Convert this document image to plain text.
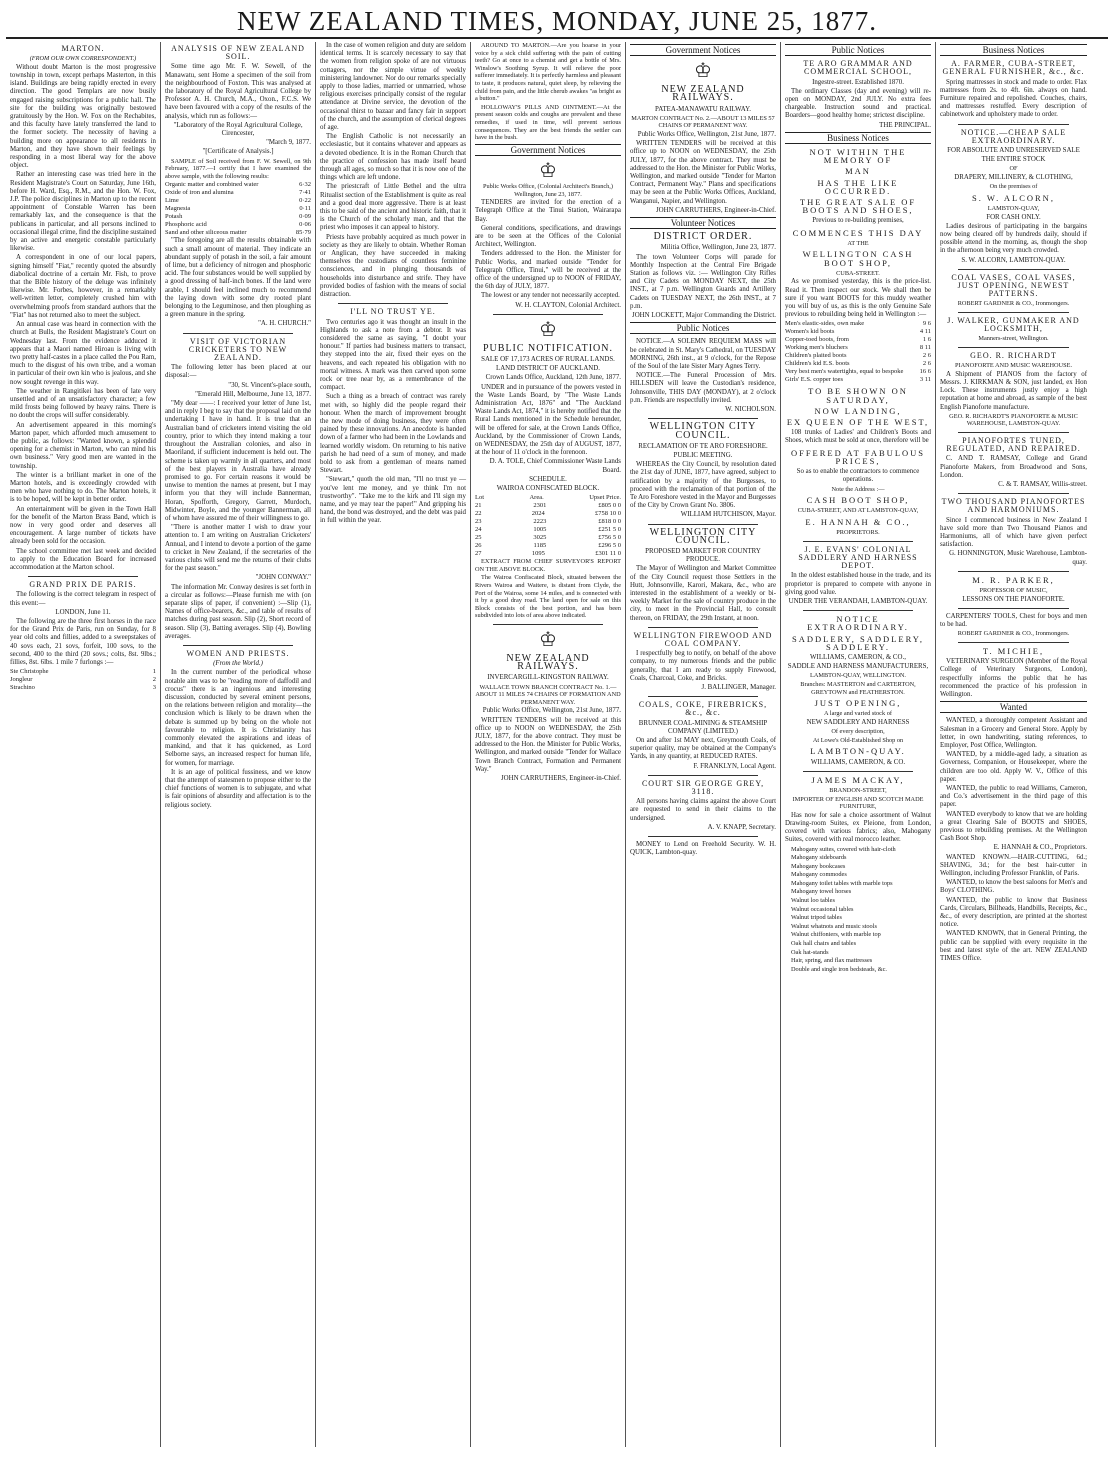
NEW ZEALAND TIMES, MONDAY, JUNE 25, 1877.
MARTON.

(FROM OUR OWN CORRESPONDENT.)

Without doubt Marton is the most progressive township in town, except perhaps Masterton, in this island. Buildings are being rapidly erected in every direction. The good Templars are now busily engaged raising subscriptions for a public hall. The site for the building was originally bestowed gratuitously by the Hon. W. Fox on the Rechabites, and this faculty have lately transferred the land to the former society. The necessity of having a building more on appearance to all residents in Marton, and they have shown their feelings by responding in a most liberal way for the above object.

Rather an interesting case was tried here in the Resident Magistrate's Court on Saturday, June 16th, before H. Ward, Esq., R.M., and the Hon. W. Fox, J.P. The police disciplines in Marton up to the recent appointment of Constable Warren has been remarkably lax, and the consequence is that the publicans in particular, and all persons inclined to occasional illegal crime, find the discipline sustained by an active and energetic constable particularly likewise.

A correspondent in one of our local papers, signing himself "Fiat," recently quoted the absurdly diabolical doctrine of a certain Mr. Fish, to prove that the Bible history of the deluge was infinitely likewise. Mr. Forbes, however, in a remarkably well-written letter, completely crushed him with overwhelming proofs from standard authors that the "Fiat" has not returned also to meet the subject.

An annual case was heard in connection with the church at Bulls, the Resident Magistrate's Court on Wednesday last. From the evidence adduced it appears that a Maori named Hiroau is living with two pretty half-castes in a place called the Pou Ram, much to the disgust of his own tribe, and a woman in particular of their own kin who is jealous, and she now sought revenge in this way.

The weather in Rangitikei has been of late very unsettled and of an unsatisfactory character; a few mild frosts being followed by heavy rains. There is no doubt the crops will suffer considerably.

An advertisement appeared in this morning's Marton paper, which afforded much amusement to the public, as follows: "Wanted known, a splendid opening for a chemist in Marton, who can mind his own business." Very good men are wanted in the township.

The winter is a brilliant market in one of the Marton hotels, and is exceedingly crowded with men who have nothing to do. The Marton hotels, it is to be hoped, will be kept in better order.

An entertainment will be given in the Town Hall for the benefit of the Marton Brass Band, which is now in very good order and deserves all encouragement. A large number of tickets have already been sold for the occasion.

The school committee met last week and decided to apply to the Education Board for increased accommodation at the Marton school.

GRAND PRIX DE PARIS.

The following is the correct telegram in respect of this event:—

LONDON, June 11.

The following are the three first horses in the race for the Grand Prix de Paris, run on Sunday, for 8 year old colts and fillies, added to a sweepstakes of 40 sovs each, 21 sovs, forfeit, 100 sovs, to the second, 400 to the third (20 sovs.; colts, 8st. 9lbs.; fillies, 8st. 6lbs. 1 mile 7 furlongs :—

Ste Christophe	1
Jongleur	2
Strachino	3
ANALYSIS OF NEW ZEALAND SOIL.

Some time ago Mr. F. W. Sewell, of the Manawatu, sent Home a specimen of the soil from the neighbourhood of Foxton. This was analysed at the laboratory of the Royal Agricultural College by Professor A. H. Church, M.A., Oxon., F.C.S. We have been favoured with a copy of the results of the analysis, which run as follows:—

"Laboratory of the Royal Agricultural College, Cirencester,

"March 9, 1877.

"[Certificate of Analysis.]

SAMPLE of Soil received from F. W. Sewell, on 9th February, 1877.—I certify that I have examined the above sample, with the following results:

Organic matter and combined water	6·32
Oxide of iron and alumina	7·41
Lime	0·22
Magnesia	0·11
Potash	0·09
Phosphoric acid	0·06
Sand and other siliceous matter	85·79

"The foregoing are all the results obtainable with such a small amount of material. They indicate an abundant supply of potash in the soil, a fair amount of lime, but a deficiency of nitrogen and phosphoric acid. The four substances would be well supplied by a good dressing of half-inch bones. If the land were arable, I should feel inclined much to recommend the laying down with some dry rooted plant belonging to the Leguminose, and then ploughing as a green manure in the spring.

"A. H. CHURCH."

VISIT OF VICTORIAN CRICKETERS TO NEW ZEALAND.

The following letter has been placed at our disposal:—

"30, St. Vincent's-place south,

"Emerald Hill, Melbourne, June 13, 1877.

"My dear ——: I received your letter of June 1st, and in reply I beg to say that the proposal laid on the undertaking I have in hand. It is true that an Australian band of cricketers intend visiting the old country, prior to which they intend making a tour throughout the Australian colonies, and also in Maoriland, if sufficient inducement is held out. The scheme is taken up warmly in all quarters, and most of the best players in Australia have already promised to go. For certain reasons it would be unwise to mention the names at present, but I may inform you that they will include Bannerman, Horan, Spofforth, Gregory, Garrett, Murdoch, Midwinter, Boyle, and the younger Bannerman, all of whom have assured me of their willingness to go.

"There is another matter I wish to draw your attention to. I am writing on Australian Cricketers' Annual, and I intend to devote a portion of the game to cricket in New Zealand, if the secretaries of the various clubs will send me the returns of their clubs for the past season."

"JOHN CONWAY."

The information Mr. Conway desires is set forth in a circular as follows:—Please furnish me with (on separate slips of paper, if convenient) :—Slip (1), Names of office-bearers, &c., and table of results of matches during past season. Slip (2), Short record of season. Slip (3), Batting averages. Slip (4), Bowling averages.

WOMEN AND PRIESTS.

(From the World.)

In the current number of the periodical whose notable aim was to be "reading more of daffodil and crocus" there is an ingenious and interesting discussion, conducted by several eminent persons, on the relations between religion and morality—the conclusion which is likely to be drawn when the debate is summed up by being on the whole not favourable to religion. It is Christianity has commonly elevated the aspirations and ideas of mankind, and that it has quickened, as Lord Selborne says, an increased respect for human life, for women, for marriage.

It is an age of political fussiness, and we know that the attempt of statesmen to propose either to the chief functions of women is to subjugate, and what is fair opinions of absurdity and affectation is to the religious society.

In the case of women religion and duty are seldom identical terms. It is scarcely necessary to say that the women from religion spoke of are not virtuous cottagers, nor the simple virtue of weekly ministering landowner. Nor do our remarks specially apply to those ladies, married or unmarried, whose religious exercises principally consist of the regular attendance at Divine service, the devotion of the occasional thirst to bazaar and fancy fair in support of the church, and the assumption of clerical degrees of age.

The English Catholic is not necessarily an ecclesiastic, but it contains whatever and appears as a devoted obedience. It is in the Roman Church that the practice of confession has made itself heard through all ages, so much so that it is now one of the things which are left undone.

The priestcraft of Little Bethel and the ultra Ritualist section of the Establishment is quite as real and a good deal more aggressive. There is at least this to be said of the ancient and historic faith, that it is the Church of the scholarly man, and that the priest who imposes it can appeal to history.

Priests have probably acquired as much power in society as they are likely to obtain. Whether Roman or Anglican, they have succeeded in making themselves the custodians of countless feminine consciences, and in plunging thousands of households into disturbance and strife. They have provided bodies of fashion with the means of social distraction.

I'LL NO TRUST YE.

Two centuries ago it was thought an insult in the Highlands to ask a note from a debtor. It was considered the same as saying, "I doubt your honour." If parties had business matters to transact, they stepped into the air, fixed their eyes on the heavens, and each repeated his obligation with no mortal witness. A mark was then carved upon some rock or tree near by, as a remembrance of the compact.

Such a thing as a breach of contract was rarely met with, so highly did the people regard their honour. When the march of improvement brought the new mode of doing business, they were often pained by these innovations. An anecdote is handed down of a farmer who had been in the Lowlands and learned worldly wisdom. On returning to his native parish he had need of a sum of money, and made bold to ask from a gentleman of means named Stewart.

"Stewart," quoth the old man, "I'll no trust ye — you've lent me money, and ye think I'm not trustworthy". "Take me to the kirk and I'll sign my name, and ye may tear the paper!" And gripping his hand, the bond was destroyed, and the debt was paid in full within the year.

AROUND TO MARTON.—Are you hoarse in your voice by a sick child suffering with the pain of cutting teeth? Go at once to a chemist and get a bottle of Mrs. Winslow's Soothing Syrup. It will relieve the poor sufferer immediately. It is perfectly harmless and pleasant to taste, it produces natural, quiet sleep, by relieving the child from pain, and the little cherub awakes "as bright as a button."

HOLLOWAY'S PILLS AND OINTMENT.—At the present season colds and coughs are prevalent and these remedies, if used in time, will prevent serious consequences. They are the best friends the settler can have in the bush.

Government Notices
♔

Public Works Office, (Colonial Architect's Branch,) Wellington, June 23, 1877.

TENDERS are invited for the erection of a Telegraph Office at the Tinui Station, Wairarapa Bay.

General conditions, specifications, and drawings are to be seen at the Offices of the Colonial Architect, Wellington.

Tenders addressed to the Hon. the Minister for Public Works, and marked outside "Tender for Telegraph Office, Tinui," will be received at the office of the undersigned up to NOON of FRIDAY, the 6th day of JULY, 1877.

The lowest or any tender not necessarily accepted.

W. H. CLAYTON, Colonial Architect.

♔
PUBLIC NOTIFICATION.

SALE OF 17,173 ACRES OF RURAL LANDS.

LAND DISTRICT OF AUCKLAND.

Crown Lands Office, Auckland, 12th June, 1877.

UNDER and in pursuance of the powers vested in the Waste Lands Board, by "The Waste Lands Administration Act, 1876" and "The Auckland Waste Lands Act, 1874," it is hereby notified that the Rural Lands mentioned in the Schedule hereunder, will be offered for sale, at the Crown Lands Office, Auckland, by the Commissioner of Crown Lands, on WEDNESDAY, the 25th day of AUGUST, 1877, at the hour of 11 o'clock in the forenoon.

D. A. TOLE, Chief Commissioner Waste Lands Board.

SCHEDULE.

WAIROA CONFISCATED BLOCK.

Lot	Area.	Upset Price.
21	2301	£805 0 0
22	2024	£758 10 0
23	2223	£818 0 0
24	1005	£251 5 0
25	3025	£756 5 0
26	1185	£296 5 0
27	1095	£301 11 0

EXTRACT FROM CHIEF SURVEYOR'S REPORT ON THE ABOVE BLOCK.

The Wairoa Confiscated Block, situated between the Rivers Wairoa and Waitere, is distant from Clyde, the Port of the Wairoa, some 14 miles, and is connected with it by a good dray road. The land open for sale on this Block consists of the best portion, and has been subdivided into lots of area above indicated.

♔
NEW ZEALAND RAILWAYS.

INVERCARGILL-KINGSTON RAILWAY.

WALLACE TOWN BRANCH CONTRACT No. 1.—ABOUT 11 MILES 74 CHAINS OF FORMATION AND PERMANENT WAY.

Public Works Office, Wellington, 21st June, 1877.

WRITTEN TENDERS will be received at this office up to NOON on WEDNESDAY, the 25th JULY, 1877, for the above contract. They must be addressed to the Hon. the Minister for Public Works, Wellington, and marked outside "Tender for Wallace Town Branch Contract, Formation and Permanent Way."

JOHN CARRUTHERS, Engineer-in-Chief.

Government Notices
♔
NEW ZEALAND RAILWAYS.

PATEA-MANAWATU RAILWAY.

MARTON CONTRACT No. 2.—ABOUT 13 MILES 57 CHAINS OF PERMANENT WAY.

Public Works Office, Wellington, 21st June, 1877.

WRITTEN TENDERS will be received at this office up to NOON on WEDNESDAY, the 25th JULY, 1877, for the above contract. They must be addressed to the Hon. the Minister for Public Works, Wellington, and marked outside "Tender for Marton Contract, Permanent Way." Plans and specifications may be seen at the Public Works Offices, Auckland, Wanganui, Napier, and Wellington.

JOHN CARRUTHERS, Engineer-in-Chief.

Volunteer Notices
DISTRICT ORDER.

Militia Office, Wellington, June 23, 1877.

The town Volunteer Corps will parade for Monthly Inspection at the Central Fire Brigade Station as follows viz. :— Wellington City Rifles and City Cadets on MONDAY NEXT, the 25th INST., at 7 p.m. Wellington Guards and Artillery Cadets on TUESDAY NEXT, the 26th INST., at 7 p.m.

JOHN LOCKETT, Major Commanding the District.

Public Notices

NOTICE.—A SOLEMN REQUIEM MASS will be celebrated in St. Mary's Cathedral, on TUESDAY MORNING, 26th inst., at 9 o'clock, for the Repose of the Soul of the late Sister Mary Agnes Terry.

NOTICE.—The Funeral Procession of Mrs. HILLSDEN will leave the Custodian's residence, Johnsonville, THIS DAY (MONDAY), at 2 o'clock p.m. Friends are respectfully invited.

W. NICHOLSON.

WELLINGTON CITY COUNCIL.

RECLAMATION OF TE ARO FORESHORE.

PUBLIC MEETING.

WHEREAS the City Council, by resolution dated the 21st day of JUNE, 1877, have agreed, subject to ratification by a majority of the Burgesses, to proceed with the reclamation of that portion of the Te Aro Foreshore vested in the Mayor and Burgesses of the City by Crown Grant No. 3806.

WILLIAM HUTCHISON, Mayor.

WELLINGTON CITY COUNCIL.

PROPOSED MARKET FOR COUNTRY PRODUCE.

The Mayor of Wellington and Market Committee of the City Council request those Settlers in the Hutt, Johnsonville, Karori, Makara, &c., who are interested in the establishment of a weekly or bi-weekly Market for the sale of country produce in the city, to meet in the Provincial Hall, to consult thereon, on FRIDAY, the 29th Instant, at noon.

WELLINGTON FIREWOOD AND COAL COMPANY.

I respectfully beg to notify, on behalf of the above company, to my numerous friends and the public generally, that I am ready to supply Firewood, Coals, Charcoal, Coke, and Bricks.

J. BALLINGER, Manager.

COALS, COKE, FIREBRICKS, &c., &c.

BRUNNER COAL-MINING & STEAMSHIP COMPANY (LIMITED.)

On and after 1st MAY next, Greymouth Coals, of superior quality, may be obtained at the Company's Yards, in any quantity, at REDUCED RATES.

F. FRANKLYN, Local Agent.

COURT SIR GEORGE GREY, 3118.

All persons having claims against the above Court are requested to send in their claims to the undersigned.

A. V. KNAPP, Secretary.

MONEY to Lend on Freehold Security. W. H. QUICK, Lambton-quay.

Public Notices
TE ARO GRAMMAR AND COMMERCIAL SCHOOL,

Ingestre-street. Established 1870.

The ordinary Classes (day and evening) will re-open on MONDAY, 2nd JULY. No extra fees chargeable. Instruction sound and practical. Boarders—good healthy home; strictest discipline.

THE PRINCIPAL.

Business Notices
NOT WITHIN THE MEMORY OF
MAN
HAS THE LIKE OCCURRED.
THE GREAT SALE OF BOOTS AND SHOES,

Previous to re-building premises,

COMMENCES THIS DAY

AT THE

WELLINGTON CASH BOOT SHOP,

CUBA-STREET.

As we promised yesterday, this is the price-list. Read it. Then inspect our stock. We shall then be sure if you want BOOTS for this muddy weather you will buy of us, as this is the only Genuine Sale previous to rebuilding being held in Wellington :—

Men's elastic-sides, own make	9 6
Women's kid boots	4 11
Copper-toed boots, from	1 6
Working men's bluchers	8 11
Children's plaited boots	2 6
Children's kid E.S. boots	2 6
Very best men's watertights, equal to bespoke	16 6
Girls' E.S. copper toes	3 11
TO BE SHOWN ON SATURDAY,
NOW LANDING,
EX QUEEN OF THE WEST,

108 trunks of Ladies' and Children's Boots and Shoes, which must be sold at once, therefore will be

OFFERED AT FABULOUS PRICES,

So as to enable the contractors to commence operations.

Note the Address :—

CASH BOOT SHOP,

CUBA-STREET, AND AT LAMBTON-QUAY,

E. HANNAH & CO.,

PROPRIETORS.

J. E. EVANS' COLONIAL SADDLERY AND HARNESS DEPOT.

In the oldest established house in the trade, and its proprietor is prepared to compete with anyone in giving good value.

UNDER THE VERANDAH, LAMBTON-QUAY.

NOTICE EXTRAORDINARY.
SADDLERY, SADDLERY, SADDLERY.

WILLIAMS, CAMERON, & CO.,

SADDLE AND HARNESS MANUFACTURERS,

LAMBTON-QUAY, WELLINGTON.

Branches: MASTERTON and CARTERTON, GREYTOWN and FEATHERSTON.

JUST OPENING,

A large and varied stock of

NEW SADDLERY AND HARNESS

Of every description,

At Lowe's Old-Established Shop on

LAMBTON-QUAY.

WILLIAMS, CAMERON, & CO.

JAMES MACKAY,

BRANDON-STREET,

IMPORTER OF ENGLISH AND SCOTCH MADE FURNITURE,

Has now for sale a choice assortment of Walnut Drawing-room Suites, ex Pleione, from London, covered with various fabrics; also, Mahogany Suites, covered with real morocco leather.

Mahogany suites, covered with hair-cloth

Mahogany sideboards

Mahogany bookcases

Mahogany commodes

Mahogany toilet tables with marble tops

Mahogany towel horses

Walnut loo tables

Walnut occasional tables

Walnut tripod tables

Walnut whatnots and music stools

Walnut chiffoniers, with marble top

Oak hall chairs and tables

Oak hat-stands

Hair, spring, and flax mattresses

Double and single iron bedsteads, &c.

Business Notices
A. FARMER, CUBA-STREET, GENERAL FURNISHER, &c., &c.

Spring mattresses in stock and made to order. Flax mattresses from 2s. to 4ft. 6in. always on hand. Furniture repaired and repolished. Couches, chairs, and mattresses restuffed. Every description of cabinetwork and upholstery made to order.

NOTICE.—CHEAP SALE EXTRAORDINARY.

FOR ABSOLUTE AND UNRESERVED SALE

THE ENTIRE STOCK

OF

DRAPERY, MILLINERY, & CLOTHING,

On the premises of

S. W. ALCORN,

LAMBTON-QUAY,

FOR CASH ONLY.

Ladies desirous of participating in the bargains now being cleared off by hundreds daily, should if possible attend in the morning, as, though the shop in the afternoon being very much crowded.

S. W. ALCORN, LAMBTON-QUAY.

COAL VASES, COAL VASES, JUST OPENING, NEWEST PATTERNS.

ROBERT GARDNER & CO., Ironmongers.

J. WALKER, GUNMAKER AND LOCKSMITH,

Manners-street, Wellington.

GEO. R. RICHARDT

PIANOFORTE AND MUSIC WAREHOUSE.

A Shipment of PIANOS from the factory of Messrs. J. KIRKMAN & SON, just landed, ex Hon Lock. These instruments justly enjoy a high reputation at home and abroad, as sample of the best English Pianoforte manufacture.

GEO. R. RICHARDT'S PIANOFORTE & MUSIC WAREHOUSE, LAMBTON-QUAY.

PIANOFORTES TUNED, REGULATED, AND REPAIRED.

C. AND T. RAMSAY, College and Grand Pianoforte Makers, from Broadwood and Sons, London.

C. & T. RAMSAY, Willis-street.

TWO THOUSAND PIANOFORTES AND HARMONIUMS.

Since I commenced business in New Zealand I have sold more than Two Thousand Pianos and Harmoniums, all of which have given perfect satisfaction.

G. HONNINGTON, Music Warehouse, Lambton-quay.

M. R. PARKER,

PROFESSOR OF MUSIC,

LESSONS ON THE PIANOFORTE.

CARPENTERS' TOOLS, Chest for boys and men to be had.

ROBERT GARDNER & CO., Ironmongers.

T. MICHIE,

VETERINARY SURGEON (Member of the Royal College of Veterinary Surgeons, London), respectfully informs the public that he has recommenced the practice of his profession in Wellington.

Wanted

WANTED, a thoroughly competent Assistant and Salesman in a Grocery and General Store. Apply by letter, in own handwriting, stating references, to Employer, Post Office, Wellington.

WANTED, by a middle-aged lady, a situation as Governess, Companion, or Housekeeper, where the children are too old. Apply W. V., Office of this paper.

WANTED, the public to read Williams, Cameron, and Co.'s advertisement in the third page of this paper.

WANTED everybody to know that we are holding a great Clearing Sale of BOOTS and SHOES, previous to rebuilding premises. At the Wellington Cash Boot Shop.

E. HANNAH & CO., Proprietors.

WANTED KNOWN.—HAIR-CUTTING, 6d.; SHAVING, 3d.; for the best hair-cutter in Wellington, including Professor Franklin, of Paris.

WANTED, to know the best saloons for Men's and Boys' CLOTHING.

WANTED, the public to know that Business Cards, Circulars, Billheads, Handbills, Receipts, &c., &c., of every description, are printed at the shortest notice.

WANTED KNOWN, that in General Printing, the public can be supplied with every requisite in the best and latest style of the art. NEW ZEALAND TIMES Office.
